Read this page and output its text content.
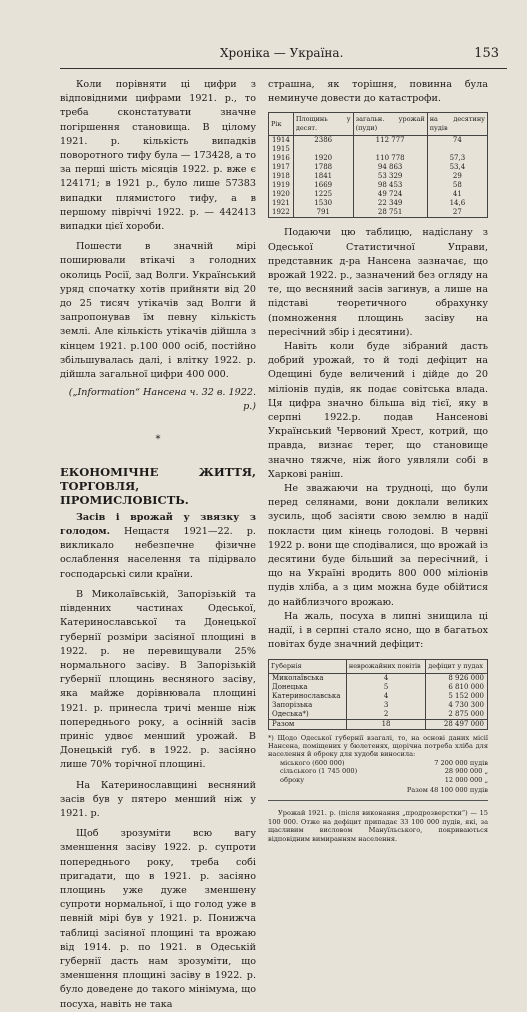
Хроніка — Україна.	153

Коли порівняти ці цифри з відповідними цифрами 1921. р., то треба сконстатувати значне погіршення становища. В цілому 1921. р. кількість випадків поворотного тифу була — 173428, а то за перші шість місяців 1922. р. вже є 124171; в 1921 р., було лише 57383 випадки плямистого тифу, а в першому півріччі 1922. р. — 442413 випадки цієї хороби.

Пошести в значній мірі поширювали втікачі з голодних околиць Росії, зад Волги. Український уряд спочатку хотів прийняти від 20 до 25 тисяч утікачів зад Волги й запропонував їм певну кількість землі. Але кількість утікачів дійшла з кінцем 1921. р.100 000 осіб, постійно збільшувалась далі, і влітку 1922. р. дійшла загальної цифри 400 000.

(„Information“ Нансена ч. 32 в. 1922. р.)

*

ЕКОНОМІЧНЕ ЖИТТЯ, ТОРГОВЛЯ, ПРОМИСЛОВІСТЬ.

Засів і врожай у звязку з голодом. Нещастя 1921—22. р. викликало небезпечне фізичне ослаблення населення та підірвало господарські сили країни.

В Миколаївській, Запорізькій та південних частинах Одеської, Катеринославської та Донецької губернії розміри засіяної площині в 1922. р. не перевищували 25% нормального засіву. В Запорізькій губернії площинь весняного засіву, яка майже дорівнювала площині 1921. р. принесла тричі менше ніж попереднього року, а осінній засів приніс удвоє менший урожай. В Донецькій губ. в 1922. р. засіяно лише 70% торічної площині.

На Катеринославщині весняний засів був у пятеро менший ніж у 1921. р.

Щоб зрозуміти всю вагу зменшення засіву 1922. р. супроти попереднього року, треба собі пригадати, що в 1921. р. засіяно площинь уже дуже зменшену супроти нормальної, і що голод уже в певній мірі був у 1921. р. Понижча таблиці засіяної площині та врожаю від 1914. р. по 1921. в Одеській губернії дасть нам зрозуміти, що зменшення площині засіву в 1922. р. було доведене до такого мінімума, що посуха, навіть не така

страшна, як торішня, повинна була неминуче довести до катастрофи.

Рік	Площинь у десят.	загальн. урожай (пуди)	на десятину пудів
1914	2386	112 777	74
1915			
1916	1920	110 778	57,3
1917	1788	94 863	53,4
1918	1841	53 329	29
1919	1669	98 453	58
1920	1225	49 724	41
1921	1530	22 349	14,6
1922	791	28 751	27

Подаючи цю таблицю, надіслану з Одеської Статистичної Управи, представник д-ра Нансена зазначає, що врожай 1922. р., зазначений без огляду на те, що весняний засів загинув, а лише на підставі теоретичного обрахунку (помноження площинь засіву на пересічний збір і десятини).

Навіть коли буде зібраний дасть добрий урожай, то й тоді дефіцит на Одещині буде величений і дійде до 20 міліонів пудів, як подає совітська влада. Ця цифра значно більша від тієї, яку в серпні 1922.р. подав Нансенові Український Червоний Хрест, котрий, що правда, визнає теper, що становище значно тяжче, ніж його уявляли собі в Харкові раніш.

Не зважаючи на трудноці, що були перед селянами, вони доклали великих зусиль, щоб засіяти свою землю в надії покласти цим кінець голодові. В червні 1922 р. вони ще сподівалися, що врожай із десятини буде більший за пересічний, і що на Україні вродить 800 000 міліонів пудів хліба, а з цим можна буде обійтися до найблизчого врожаю.

На жаль, посуха в липні знищила ці надії, і в серпні стало ясно, що в багатьох повітах буде значний дефіцит:

Губернія	неврожайних повітів	дефіцит у пудах
Миколаївська	4	8 926 000
Донецька	5	6 810 000
Катеринославська	4	5 152 000
Запорізька	3	4 730 300
Одеська*)	2	2 875 000
Разом	18	28 497 000

*) Щодо Одеської губернії взагалі, то, на основі даних місії Нансена, поміщених у бюлетенях, щорічна потреба хліба для населення й обрoку для худоби виносила:

міського (600 000)	7 200 000 пудів
сільського (1 745 000)	28 900 000 „
обрoку	12 000 000 „
Разом 48 100 000 пудів

Урожай 1921. р. (після виконання „продрозверстки“) — 15 100 000. Отже на дефіцит припадає 33 100 000 пудів, які, за щасливим висловом Мануїльського, покриваються відповідним вимиранням населення.
